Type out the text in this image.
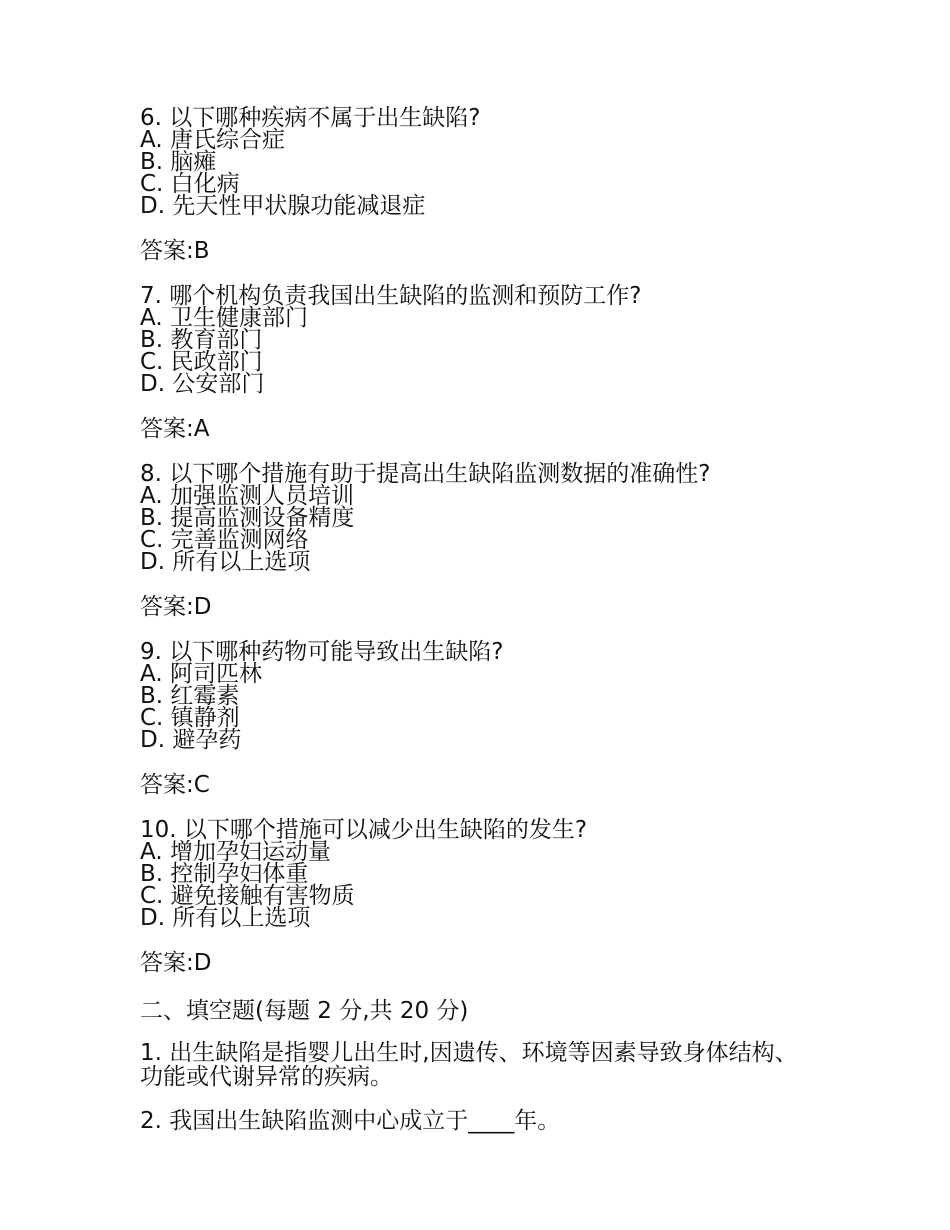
6. 以下哪种疾病不属于出生缺陷?
A. 唐氏综合症
B. 脑瘫
C. 白化病
D. 先天性甲状腺功能减退症
答案:B
7. 哪个机构负责我国出生缺陷的监测和预防工作?
A. 卫生健康部门
B. 教育部门
C. 民政部门
D. 公安部门
答案:A
8. 以下哪个措施有助于提高出生缺陷监测数据的准确性?
A. 加强监测人员培训
B. 提高监测设备精度
C. 完善监测网络
D. 所有以上选项
答案:D
9. 以下哪种药物可能导致出生缺陷?
A. 阿司匹林
B. 红霉素
C. 镇静剂
D. 避孕药
答案:C
10. 以下哪个措施可以减少出生缺陷的发生?
A. 增加孕妇运动量
B. 控制孕妇体重
C. 避免接触有害物质
D. 所有以上选项
答案:D
二、填空题(每题 2 分,共 20 分)
1. 出生缺陷是指婴儿出生时,因遗传、环境等因素导致身体结构、功能或代谢异常的疾病。
2. 我国出生缺陷监测中心成立于____年。
